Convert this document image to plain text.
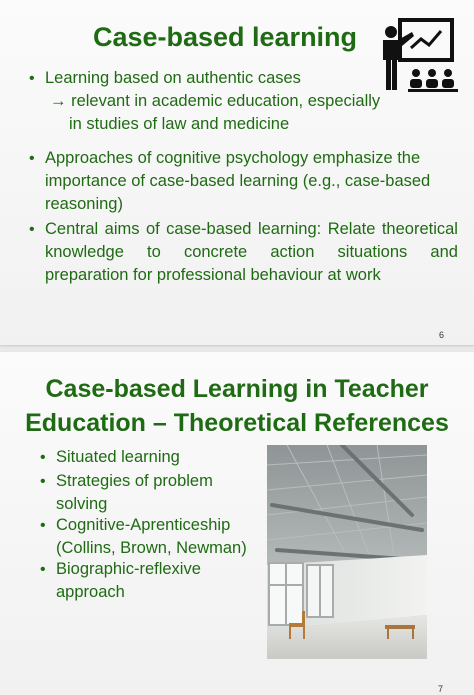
Case-based learning
• Learning based on authentic cases
→ relevant in academic education, especially
in studies of law and medicine
• Approaches of cognitive psychology emphasize the
importance of case-based learning (e.g., case-based
reasoning)
• Central aims of case-based learning: Relate theoretical
knowledge to concrete action situations and
preparation for professional behaviour at work
6
Case-based Learning in Teacher
Education – Theoretical References
• Situated learning
• Strategies of problem
solving
• Cognitive-Aprenticeship
(Collins, Brown, Newman)
• Biographic-reflexive
approach
7
